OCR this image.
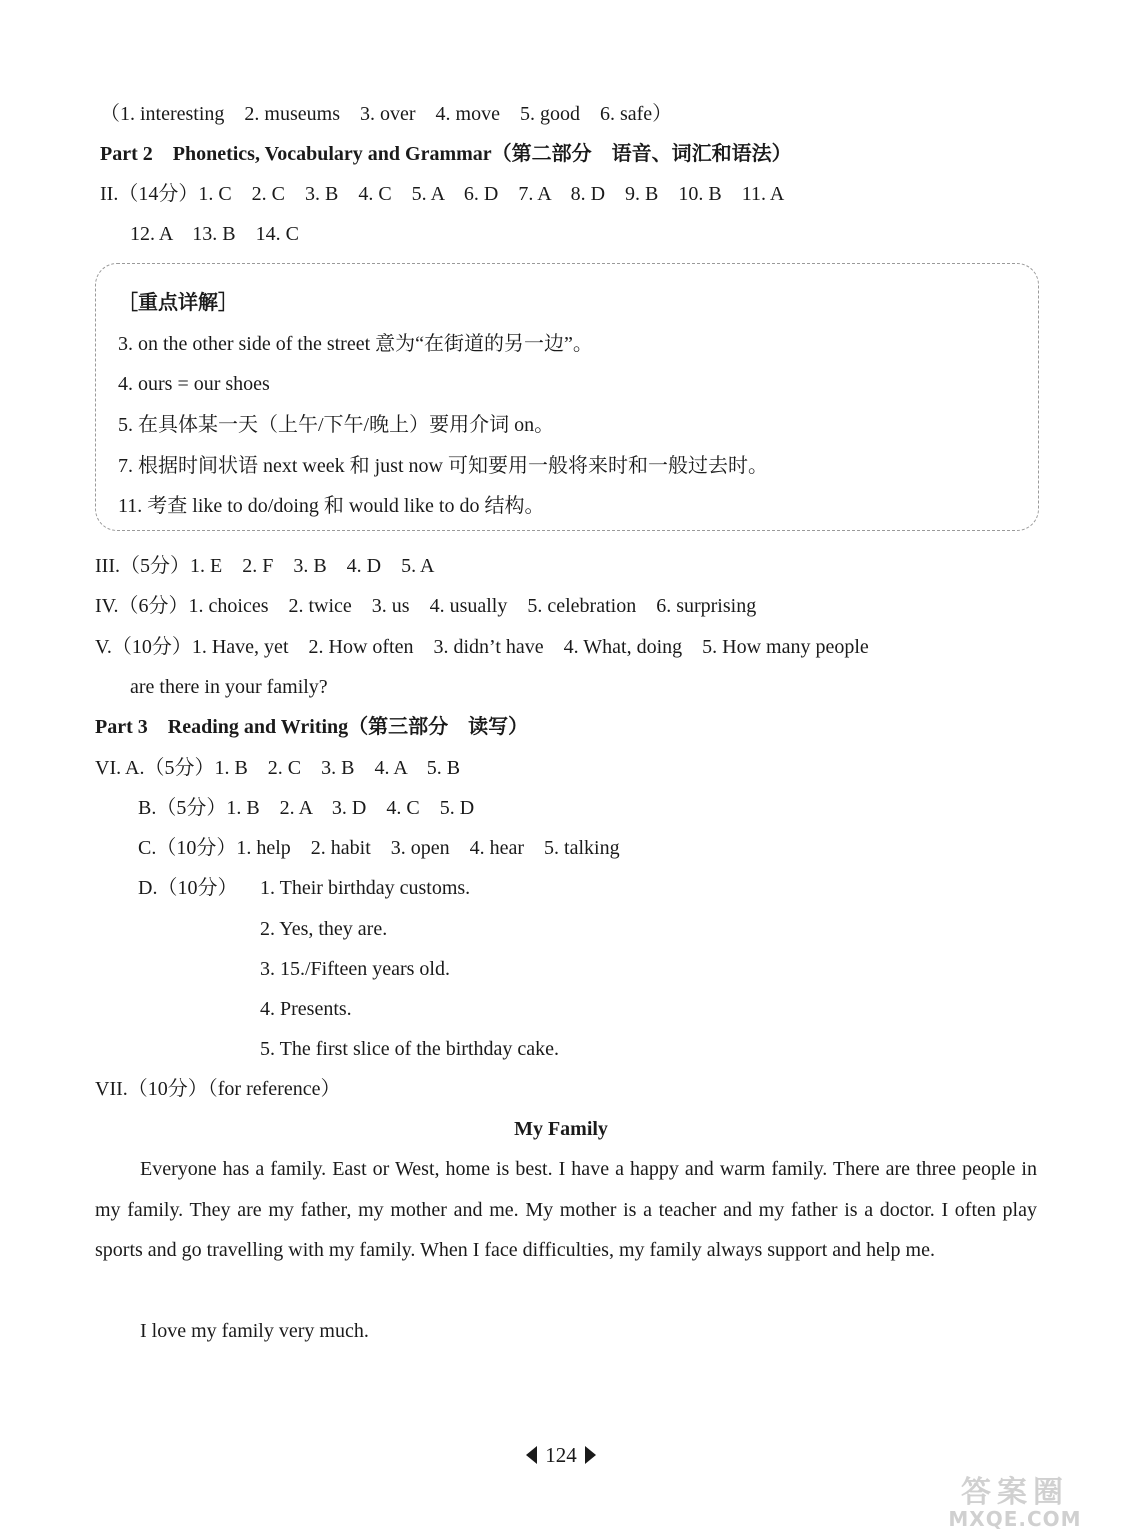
（1. interesting　2. museums　3. over　4. move　5. good　6. safe）
Part 2　Phonetics, Vocabulary and Grammar（第二部分　语音、词汇和语法）
II.（14分）1. C　2. C　3. B　4. C　5. A　6. D　7. A　8. D　9. B　10. B　11. A
12. A　13. B　14. C
［重点详解］
3. on the other side of the street 意为“在街道的另一边”。
4. ours = our shoes
5. 在具体某一天（上午/下午/晚上）要用介词 on。
7. 根据时间状语 next week 和 just now 可知要用一般将来时和一般过去时。
11. 考查 like to do/doing 和 would like to do 结构。
III.（5分）1. E　2. F　3. B　4. D　5. A
IV.（6分）1. choices　2. twice　3. us　4. usually　5. celebration　6. surprising
V.（10分）1. Have, yet　2. How often　3. didn’t have　4. What, doing　5. How many people
are there in your family?
Part 3　Reading and Writing（第三部分　读写）
VI. A.（5分）1. B　2. C　3. B　4. A　5. B
B.（5分）1. B　2. A　3. D　4. C　5. D
C.（10分）1. help　2. habit　3. open　4. hear　5. talking
D.（10分） 1. Their birthday customs.
2. Yes, they are.
3. 15./Fifteen years old.
4. Presents.
5. The first slice of the birthday cake.
VII.（10分）（for reference）
My Family
Everyone has a family. East or West, home is best. I have a happy and warm family. There are three people in my family. They are my father, my mother and me. My mother is a teacher and my father is a doctor. I often play sports and go travelling with my family. When I face difficulties, my family always support and help me.
I love my family very much.
124
答案圈
MXQE.COM
